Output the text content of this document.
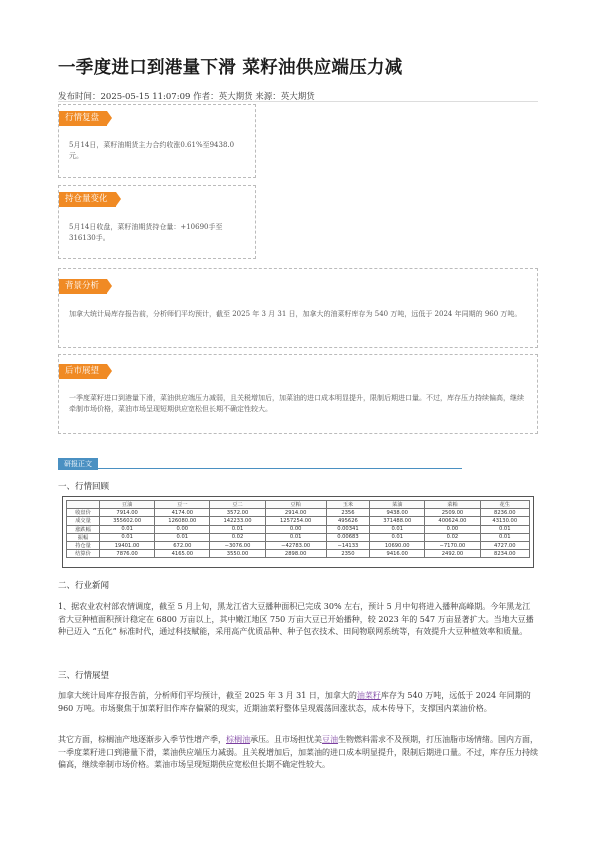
一季度进口到港量下滑 菜籽油供应端压力减
发布时间：2025-05-15 11:07:09 作者：英大期货 来源：英大期货
行情复盘
5月14日，菜籽油期货主力合约收涨0.61%至9438.0元。
持仓量变化
5月14日收盘，菜籽油期货持仓量：+10690手至316130手。
背景分析
加拿大统计局库存报告前，分析师们平均预计，截至 2025 年 3 月 31 日，加拿大的油菜籽库存为 540 万吨，远低于 2024 年同期的 960 万吨。
后市展望
一季度菜籽进口到港量下滑，菜油供应端压力减弱，且关税增加后，加菜油的进口成本明显提升，限制后期进口量。不过，库存压力持续偏高，继续牵制市场价格，菜油市场呈现短期供应宽松但长期不确定性较大。
研报正文
一、行情回顾
	豆油	豆一	豆二	豆粕	玉米	菜油	菜粕	花生
收盘价	7914.00	4174.00	3572.00	2914.00	2356	9438.00	2509.00	8236.00
成交量	355602.00	126080.00	142233.00	1257254.00	495626	371488.00	400624.00	43130.00
涨跌幅	0.01	0.00	0.01	0.00	0.00341	0.01	0.00	0.01
振幅	0.01	0.01	0.02	0.01	0.00683	0.01	0.02	0.01
持仓量	19401.00	672.00	−3076.00	−42783.00	−14133	10690.00	−7170.00	4727.00
结算价	7876.00	4165.00	3550.00	2898.00	2350	9416.00	2492.00	8234.00
二、行业新闻
1、据农业农村部农情调度，截至 5 月上旬，黑龙江省大豆播种面积已完成 30% 左右，预计 5 月中旬将进入播种高峰期。今年黑龙江省大豆种植面积预计稳定在 6800 万亩以上，其中嫩江地区 750 万亩大豆已开始播种，较 2023 年的 547 万亩显著扩大。当地大豆播种已迈入 “五化” 标准时代，通过科技赋能，采用高产优质品种、种子包衣技术、田间物联网系统等，有效提升大豆种植效率和质量。
三、行情展望
加拿大统计局库存报告前，分析师们平均预计，截至 2025 年 3 月 31 日，加拿大的油菜籽库存为 540 万吨，远低于 2024 年同期的 960 万吨。市场聚焦于加菜籽旧作库存偏紧的现实，近期油菜籽整体呈现震荡回涨状态，成本传导下，支撑国内菜油价格。
其它方面，棕榈油产地逐渐步入季节性增产季，棕榈油承压。且市场担忧美豆油生物燃料需求不及预期，打压油脂市场情绪。国内方面，一季度菜籽进口到港量下滑，菜油供应端压力减弱。且关税增加后，加菜油的进口成本明显提升，限制后期进口量。不过，库存压力持续偏高，继续牵制市场价格。菜油市场呈现短期供应宽松但长期不确定性较大。
